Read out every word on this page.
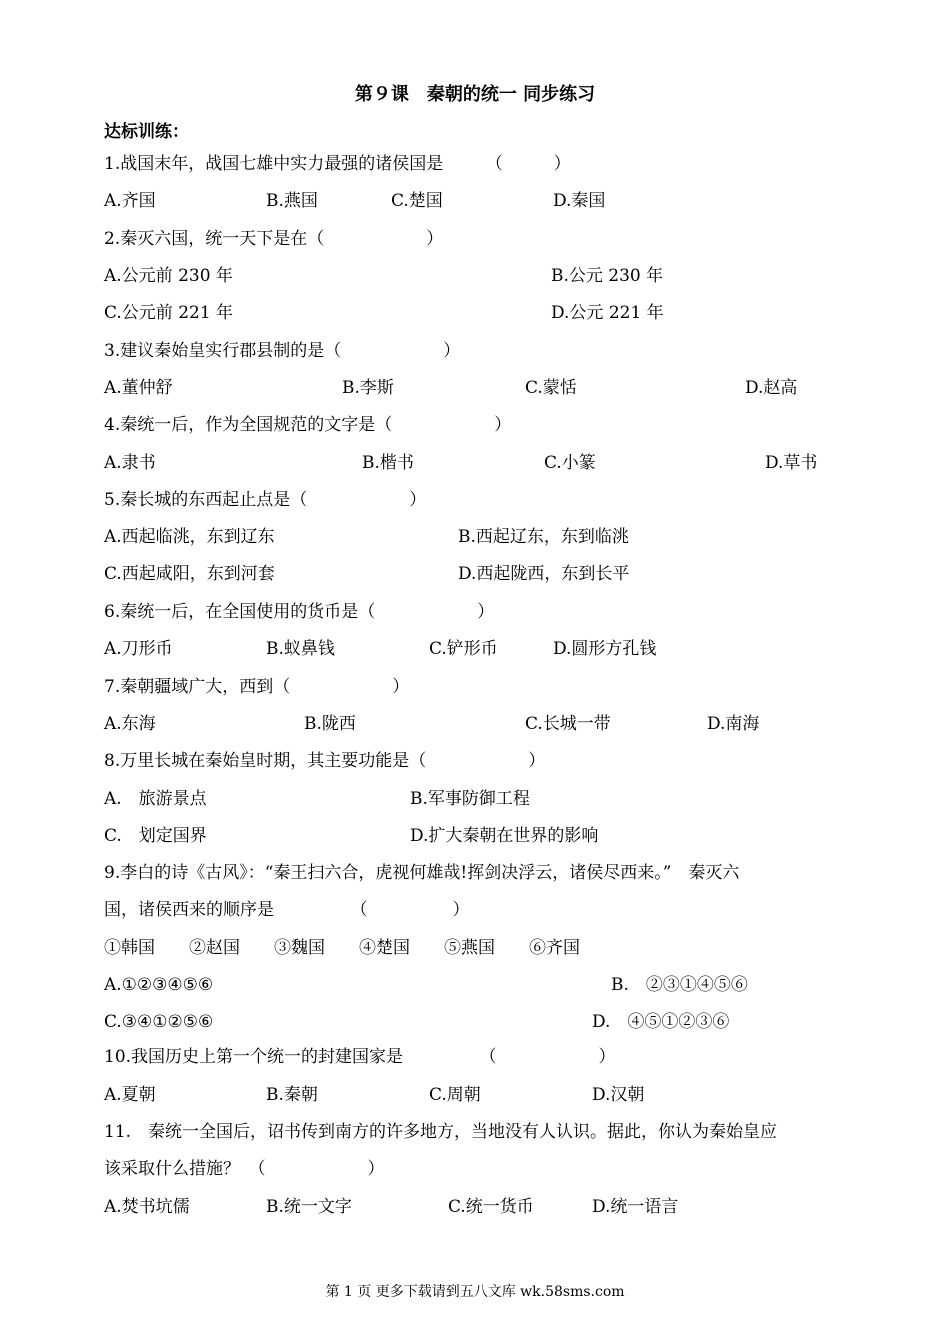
第９课　秦朝的统一 同步练习
达标训练：
1.战国末年，战国七雄中实力最强的诸侯国是　　　（　　　）
A.齐国	B.燕国	C.楚国	D.秦国
2.秦灭六国，统一天下是在（　　　　　　）
A.公元前 230 年	B.公元 230 年
C.公元前 221 年	D.公元 221 年
3.建议秦始皇实行郡县制的是（　　　　　　）
A.董仲舒	B.李斯	C.蒙恬	D.赵高
4.秦统一后，作为全国规范的文字是（　　　　　　）
A.隶书	B.楷书	C.小篆	D.草书
5.秦长城的东西起止点是（　　　　　　）
A.西起临洮，东到辽东	B.西起辽东，东到临洮
C.西起咸阳，东到河套	D.西起陇西，东到长平
6.秦统一后，在全国使用的货币是（　　　　　　）
A.刀形币	B.蚁鼻钱	C.铲形币	D.圆形方孔钱
7.秦朝疆域广大，西到（　　　　　　）
A.东海	B.陇西	C.长城一带	D.南海
8.万里长城在秦始皇时期，其主要功能是（　　　　　　）
A.　旅游景点	B.军事防御工程
C.　划定国界	D.扩大秦朝在世界的影响
9.李白的诗《古风》：“秦王扫六合，虎视何雄哉!挥剑决浮云，诸侯尽西来。”　秦灭六
国，诸侯西来的顺序是　　　　　（　　　　　）
①韩国　　②赵国　　③魏国　　④楚国　　⑤燕国　　⑥齐国
A.①②③④⑤⑥	B.　②③①④⑤⑥
C.③④①②⑤⑥	D.　④⑤①②③⑥
10.我国历史上第一个统一的封建国家是　　　　　（　　　　　　）
A.夏朝	B.秦朝	C.周朝	D.汉朝
11.　秦统一全国后，诏书传到南方的许多地方，当地没有人认识。据此，你认为秦始皇应
该采取什么措施？　（　　　　　　）
A.焚书坑儒	B.统一文字	C.统一货币	D.统一语言
第 1 页 更多下载请到五八文库 wk.58sms.com
